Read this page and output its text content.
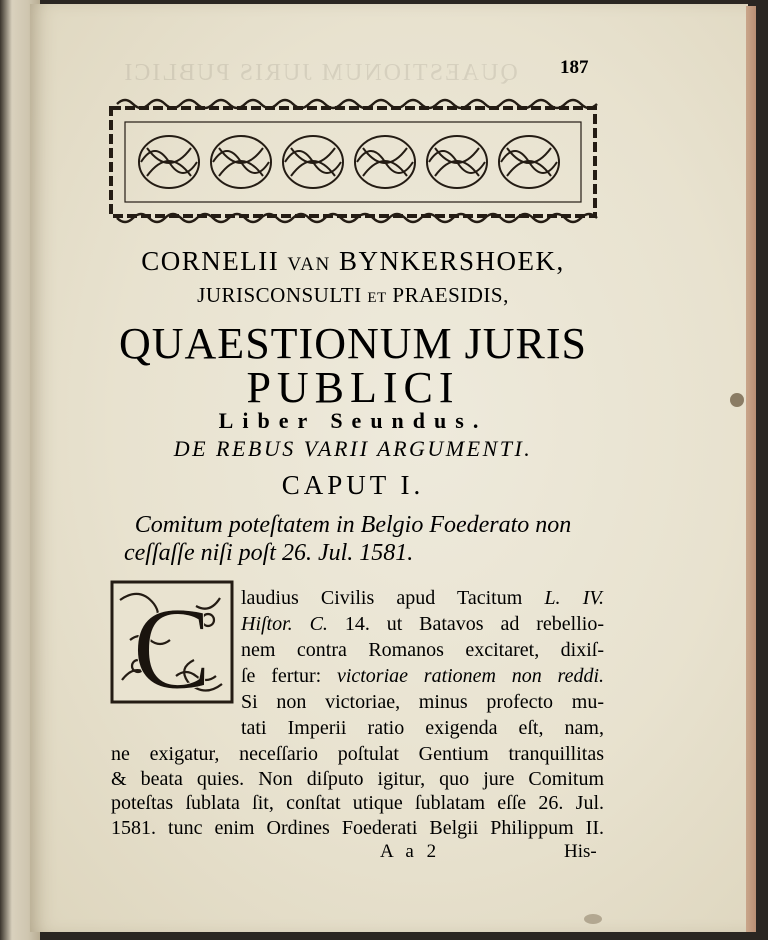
QUAESTIONUM JURIS PUBLICI	187
CORNELII VAN BYNKERSHOEK,
JURISCONSULTI ET PRAESIDIS,
QUAESTIONUM JURIS
PUBLICI
Liber Seundus.
DE REBUS VARII ARGUMENTI.
CAPUT I.
Comitum poteſtatem in Belgio Foederato non
ceſſaſſe niſi poſt 26. Jul. 1581.
C laudius Civilis apud Tacitum L. IV.
Hiſtor. C. 14. ut Batavos ad rebellio-
nem contra Romanos excitaret, dixiſ-
ſe fertur: victoriae rationem non reddi.
Si non victoriae, minus profecto mu-
tati Imperii ratio exigenda eſt, nam,
ne exigatur, neceſſario poſtulat Gentium tranquillitas
& beata quies. Non diſputo igitur, quo jure Comitum
poteſtas ſublata ſit, conſtat utique ſublatam eſſe 26. Jul.
1581. tunc enim Ordines Foederati Belgii Philippum II.
A a 2	His-
